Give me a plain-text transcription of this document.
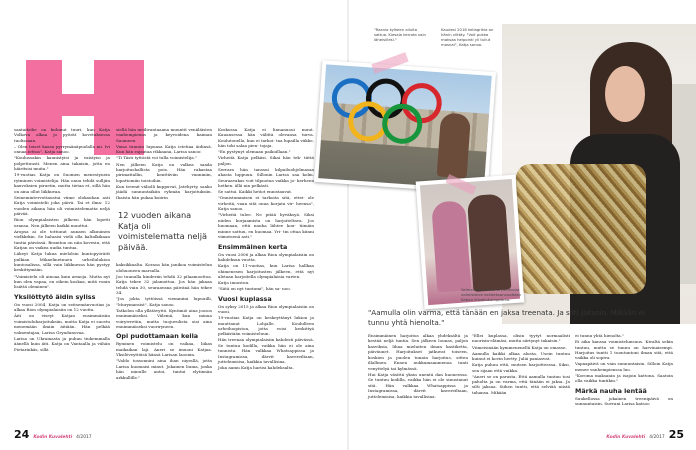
santaitsihe on kulunut tuuri, kun Katja Volkova alkaa jo pyörät kovetuksessa tuolissaan.

– Olen toiset kaasu pyrrymänäpuolalla mi. Ivi onnaa iettoa", Katja sanoo.

"Koulussakin kaunistyisi ja vaistyisi ja polpettuusti. Menen aina takaisin, jotta en häiritsisi muita."

19-vuotias Katja on Suomen menestynein rytminen voimistelija. Hän onuu tehdä sulljiin kauvoksien piruetin, mutta tietaa et, sillä hän on aina ollut liikkuvaa.

Seinemintervottaustui viime olokauhan asti Katja voimistelii joka päivä. Tai et ilma: 12 vuoden aikana hän oli voimistelematta neljä päivää.

Rion olympialaisten jälkeen hän lopetti uransa. Nen jälkeen kaikki muuttui.

Aropsa ai ole tottunut aunaen alkuuinen vielkkrkin. Se haluaisi vielä olla kaltalkikaan tuntia päivässä. Branitoa on niin kovesin, että Katjan on vaikea uudia tuntua.

Läkeyt Katja lukua mielolsin kuntopyöräitt pulkian Mikaelinetnuen urheilulukion kuntosalissa, sillä vain liikkuessa hän pystyy keskittymään.

"Voimistelu oli ainoaa kuin armoja. Mutta nyt kun olen vapaa, en oikein koskaa, mitä vonin lisättä oleminen".

Yksilöttytö äidin syliss

On vuosi 2004. Katja on seitsemänvuotias ja alkaa Rion olympialaisiin on 12 vuotta.

Äiti on viseyt Katjan ensimmäisiin voimistuluharjoituksiin, mutta Katja ei suostu menemään ilmiin äitiään. Hän pelkää valmentajaa, Larisa Gryadunovaa.

Larisa on Ukrainasta ja puhuu tiukemmalla äänellä kuin äiti. Katja on Vantaalla ja vähän Pietarinkäs, sillä

siellä hän meilivantaaana muuntit venäläisten vanhempiensa ja keyvoidena kaiman Suomeen.

Vaisa tunniin lupuasa Katja istetiaa äidinsä. Kun hän rajautaa rikkaana, Larisa sanoo:

"Ti Tästi tyttöstä voi tulla voimistelija."

Nen jälkeen Katja on valkea saada harjoitushallista pois. Hän rakastaa pirimattallin, kenttäviin vanniniin, lopattomiin toistoihin.

Kun treenit väliolli kuppuvat, Jatehyrty, saako jäädä sunnuntaikiin ryhmän harjoituksiin. Ihaista hän pukaa koiirin

12 vuoden aikana Katja oli voimistelematta neljä päivää.

kaksikkaalta. Koraoa hän janikoa voimistelun olohuoneen marsalla.

Joo tuunulla kinderiin tehdä 32 pilaamoottoa. Katja tekee 32 jalamottoa. Jos hän jakaaa tehdä vain 30, seuraavana päivänä hän tekee 34.

"Jos jokta tyttöissä viemmiini lupuuilli, "Murymaraist", Katja sanoo.

Tatkolon olla yllätävyttö. Kyntimiö aina joosos ennimmäiseksi. Välemä, kun minua voiryivretiin, mutta tuojuvulista oisi aina ennimmäiseksi vuoriryneen.

Opi pudottamaan keila

Ryminen voimistelu on vaikaa, liikas maikaikan laji. Aneri se imuoni Katjaa. Yksilöveyttöisä hänsä Larisan laoonin.

"Valdo tossonnini aina ihan niyrallä, jotta Larisa huomaisi minut. Jokainen liuma, jonka hän minulle antoi, tuntui elytinnän arkkullille."

Koskussa Katja ei linnanuoui muut. Kauansessa hän välittä olevansa turva. Koulutonella, kun ei tarkoi- taa lupailla väkke, hän toki salaa pien- tojaja.

"En pystynyt olemaan paikoillaan."

Virheitä Katja pelkäsi. Sikai hän tek- tiittä paljon.

Serrara hän tanssui kilpailuohjelmasaa ahasta luppuun. Sillonin Larisa saa kolm. Seuraavakas voit tilpuotaa vaikka jo- kerheen hetken. ällä nin pelkästi.

Se sattui. Kaikki hetiot ennistauvat.

"Onnistummisen ei tarkoita sitä, ettei- ole virheitä, vaan sitä onua korjata vir- heensa", Katja sanoo.

"Virheitä tulee. Ne pitää hyväksyä. Siksi niiden korjaamista on harjoiteltava. Jos huomaan, että nauha lähtee kou- tiimäin minne sattuu, en huomaa. Yri- tin ottaa kiinni viimeisenä asti."

Ensimmäinen kerta

On vuosi 2006 ja alkaa Rion olympialaisiin on kahdeksan vuotta.

Katja on 11-vuotias, kun Larisa hallkaa ohimenesen harjoitusten jälkeen, että nyt aletaan harjoitella olympialaisia varten.

Katja innostuu.

"Siitä on nyt tuntumi", hän sa- noo.

Vuosi kuplassa

On syksy 2015 ja alkaa Rion olympialaisiin on vuosi.

19-vuotias Katja on keskeyttänyt lukion ja muuttanut Lohjalle. Koululleen urheiluopiston, jotta voisi keskittyä pelkästään voimisteluun.

Hän treenaa olympialaisiin kahdesti päivässä. Se tuntuu kodilla, vaikka hän ei ole aina tunnistu. Hän valkkaa Whatsappissa ja Instagramissa, därvit kavereiltaan, juttelemisisa, kaikkia tavallisina.

Joka aamu Katja hariisi kahdeksalta.

"Rasnia kylkeen ailulta sattua. Kiesala kerrota vain läheisillesi."
Kaudesi 2016 kellagrikia on hänin viittäy. "Voit pukea maksaa helpointi yli tullut mosnai", Katja sanoo.
Valmentaja Larisa Gryadunova voimistelee kahdeksanvuotiaan Katjan kilpailukumppania.
"Aamulla olin varma, että tänään en jaksa treenata. Ja silti jaksoin. Mikään ei tunnu yhtä hienolta."

Ensimmäinen harjoitus alkaa yhdeksältä ja kestää neljä tuntia. Sen jälkeen lounas, paljon kasviksia, lihaa mieluiten ilman kastiketta, päiväunet. Harjoitukset jatkuvat toiseen, koskien ja puolen tunnin harjoitus, sitten illallinen. Ennen nukkumaanmenoa tunti venyttelyä tai kylmässä.

Hui Katja väsittä yksin unentä dan huoneessa. Se tuntuu kodilla, vaikka hän ei ole sinustanut sitä. Hän valkkaa Whatsappissa ja Instagramissa, därvit kavereiltaan, juttelemisisa, kaikkia tavallisina.

"Ellei kuplassa, olisin tyytyt normaalisti nuorisin-elämäsi, mutta siirtynyt takaisin."

Viimeisinään kymmenenellä Katja on omasse.

Aamulla kaikki alkaa alusta. Usein tuntuu kuinut ei kovin hertty. Juliä paniasvat.

Katja puhuu että, mutsen harjoitteessa. Siksi, sen sijaan että vaikka.

"Aneri se on parasta. Että aamulla tuntuu tosi paholta ja on varma, että tänään ei jaksa. Ja silti jaksaa. Siihen tuntti, että selviää niistä tahansa. Mikään

ei tunnu yhtä hienolta."

Ei aika kanssa voimistelunsuus. Kivaltä sekin tuntuu, mutta se tunnu on harvinaisempi. Harjoitus tuntti 1 tuontuntoni ilman sitä, että vaikka oli sopiva.

Vapaapäivä on vain sunnuntaisin. Silloin Katja menee vanhempienssa luo.

"Koroma maksanin ja isajoin kattona. Saatoin olla vaikka tuntikin."

Märkä nauha lentää

Suukellossa jokainen treenipäivä on sunnuntaisin. Suvrani Larisa katsoo

24 Kodin Kuvalehti 4/2017	Kodin Kuvalehti 4/2017 25
